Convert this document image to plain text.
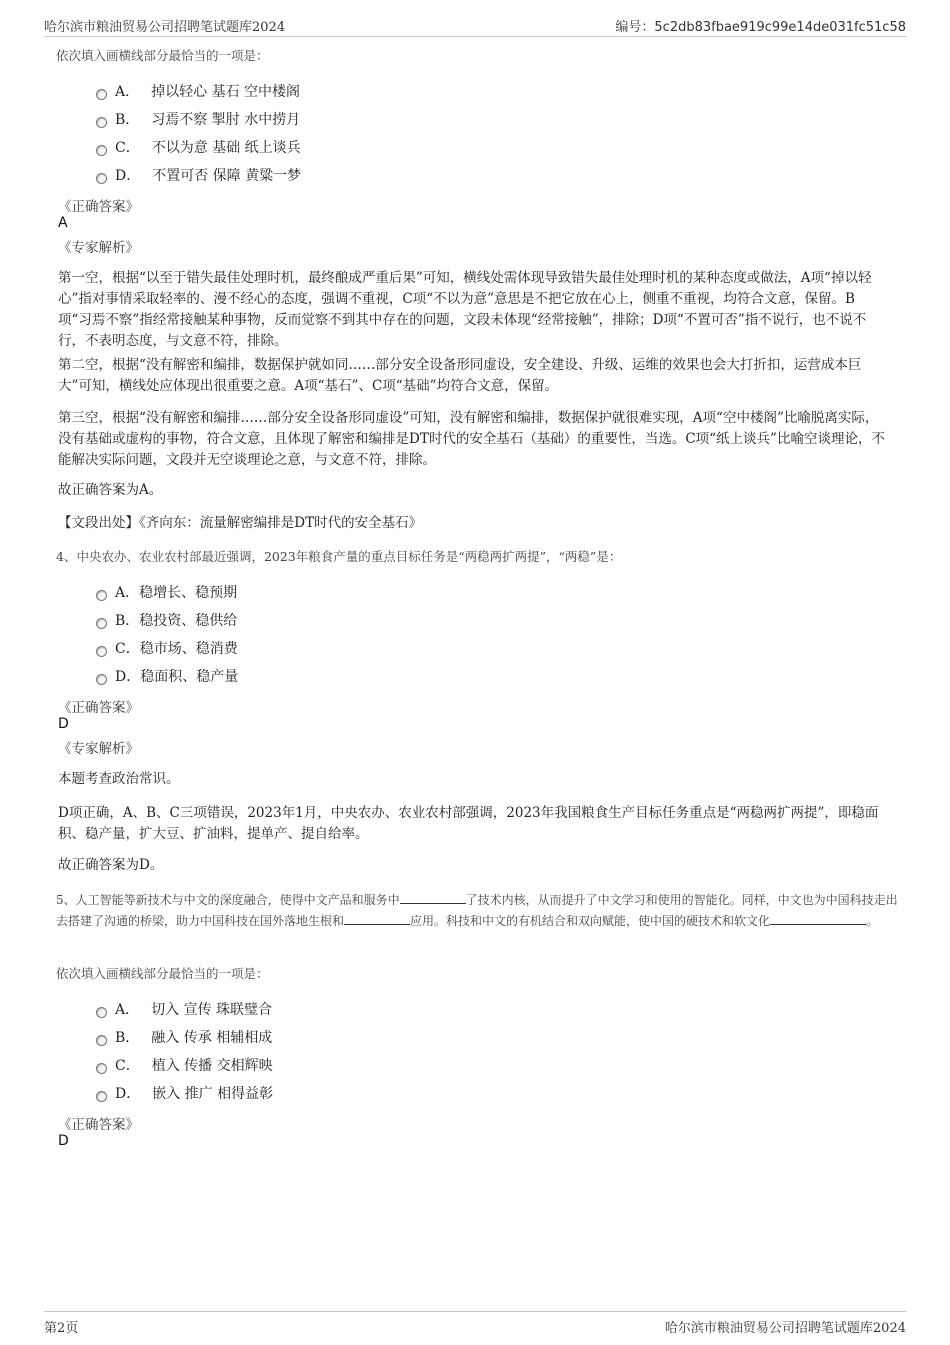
哈尔滨市粮油贸易公司招聘笔试题库2024	编号：5c2db83fbae919c99e14de031fc51c58
依次填入画横线部分最恰当的一项是：
A． 掉以轻心 基石 空中楼阁
B． 习焉不察 掣肘 水中捞月
C． 不以为意 基础 纸上谈兵
D． 不置可否 保障 黄粱一梦
《正确答案》
A
《专家解析》
第一空，根据“以至于错失最佳处理时机，最终酿成严重后果”可知，横线处需体现导致错失最佳处理时机的某种态度或做法，A项“掉以轻心”指对事情采取轻率的、漫不经心的态度，强调不重视，C项“不以为意”意思是不把它放在心上，侧重不重视，均符合文意，保留。B项“习焉不察”指经常接触某种事物，反而觉察不到其中存在的问题，文段未体现“经常接触”，排除；D项“不置可否”指不说行，也不说不行，不表明态度，与文意不符，排除。
第二空，根据“没有解密和编排，数据保护就如同……部分安全设备形同虚设，安全建设、升级、运维的效果也会大打折扣，运营成本巨大”可知，横线处应体现出很重要之意。A项“基石”、C项“基础”均符合文意，保留。
第三空，根据“没有解密和编排……部分安全设备形同虚设”可知，没有解密和编排，数据保护就很难实现，A项“空中楼阁”比喻脱离实际，没有基础或虚构的事物，符合文意，且体现了解密和编排是DT时代的安全基石（基础）的重要性，当选。C项“纸上谈兵”比喻空谈理论，不能解决实际问题，文段并无空谈理论之意，与文意不符，排除。
故正确答案为A。
【文段出处】《齐向东：流量解密编排是DT时代的安全基石》
4、中央农办、农业农村部最近强调，2023年粮食产量的重点目标任务是“两稳两扩两提”，“两稳”是：
A．稳增长、稳预期
B．稳投资、稳供给
C．稳市场、稳消费
D．稳面积、稳产量
《正确答案》
D
《专家解析》
本题考查政治常识。
D项正确，A、B、C三项错误，2023年1月，中央农办、农业农村部强调，2023年我国粮食生产目标任务重点是“两稳两扩两提”，即稳面积、稳产量，扩大豆、扩油料，提单产、提自给率。
故正确答案为D。
5、人工智能等新技术与中文的深度融合，使得中文产品和服务中	了技术内核，从而提升了中文学习和使用的智能化。同样，中文也为中国科技走出去搭建了沟通的桥梁，助力中国科技在国外落地生根和	应用。科技和中文的有机结合和双向赋能，使中国的硬技术和软文化	。
依次填入画横线部分最恰当的一项是：
A． 切入 宣传 珠联璧合
B． 融入 传承 相辅相成
C． 植入 传播 交相辉映
D． 嵌入 推广 相得益彰
《正确答案》
D
第2页	哈尔滨市粮油贸易公司招聘笔试题库2024
